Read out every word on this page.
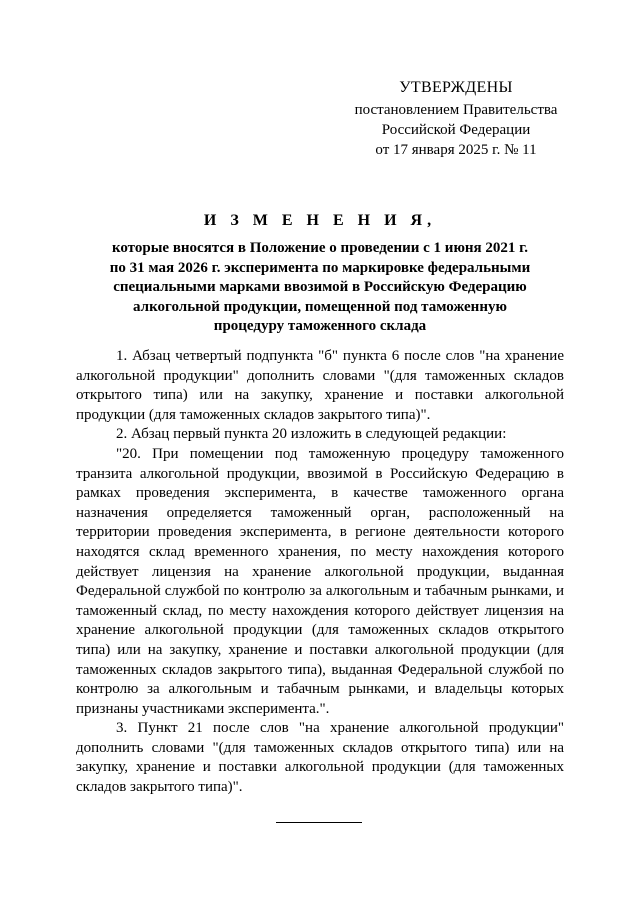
УТВЕРЖДЕНЫ
постановлением Правительства
Российской Федерации
от 17 января 2025 г. № 11
И З М Е Н Е Н И Я,
которые вносятся в Положение о проведении с 1 июня 2021 г.
по 31 мая 2026 г. эксперимента по маркировке федеральными
специальными марками ввозимой в Российскую Федерацию
алкогольной продукции, помещенной под таможенную
процедуру таможенного склада

1. Абзац четвертый подпункта "б" пункта 6 после слов "на хранение алкогольной продукции" дополнить словами "(для таможенных складов открытого типа) или на закупку, хранение и поставки алкогольной продукции (для таможенных складов закрытого типа)".

2. Абзац первый пункта 20 изложить в следующей редакции:

"20. При помещении под таможенную процедуру таможенного транзита алкогольной продукции, ввозимой в Российскую Федерацию в рамках проведения эксперимента, в качестве таможенного органа назначения определяется таможенный орган, расположенный на территории проведения эксперимента, в регионе деятельности которого находятся склад временного хранения, по месту нахождения которого действует лицензия на хранение алкогольной продукции, выданная Федеральной службой по контролю за алкогольным и табачным рынками, и таможенный склад, по месту нахождения которого действует лицензия на хранение алкогольной продукции (для таможенных складов открытого типа) или на закупку, хранение и поставки алкогольной продукции (для таможенных складов закрытого типа), выданная Федеральной службой по контролю за алкогольным и табачным рынками, и владельцы которых признаны участниками эксперимента.".

3. Пункт 21 после слов "на хранение алкогольной продукции" дополнить словами "(для таможенных складов открытого типа) или на закупку, хранение и поставки алкогольной продукции (для таможенных складов закрытого типа)".
